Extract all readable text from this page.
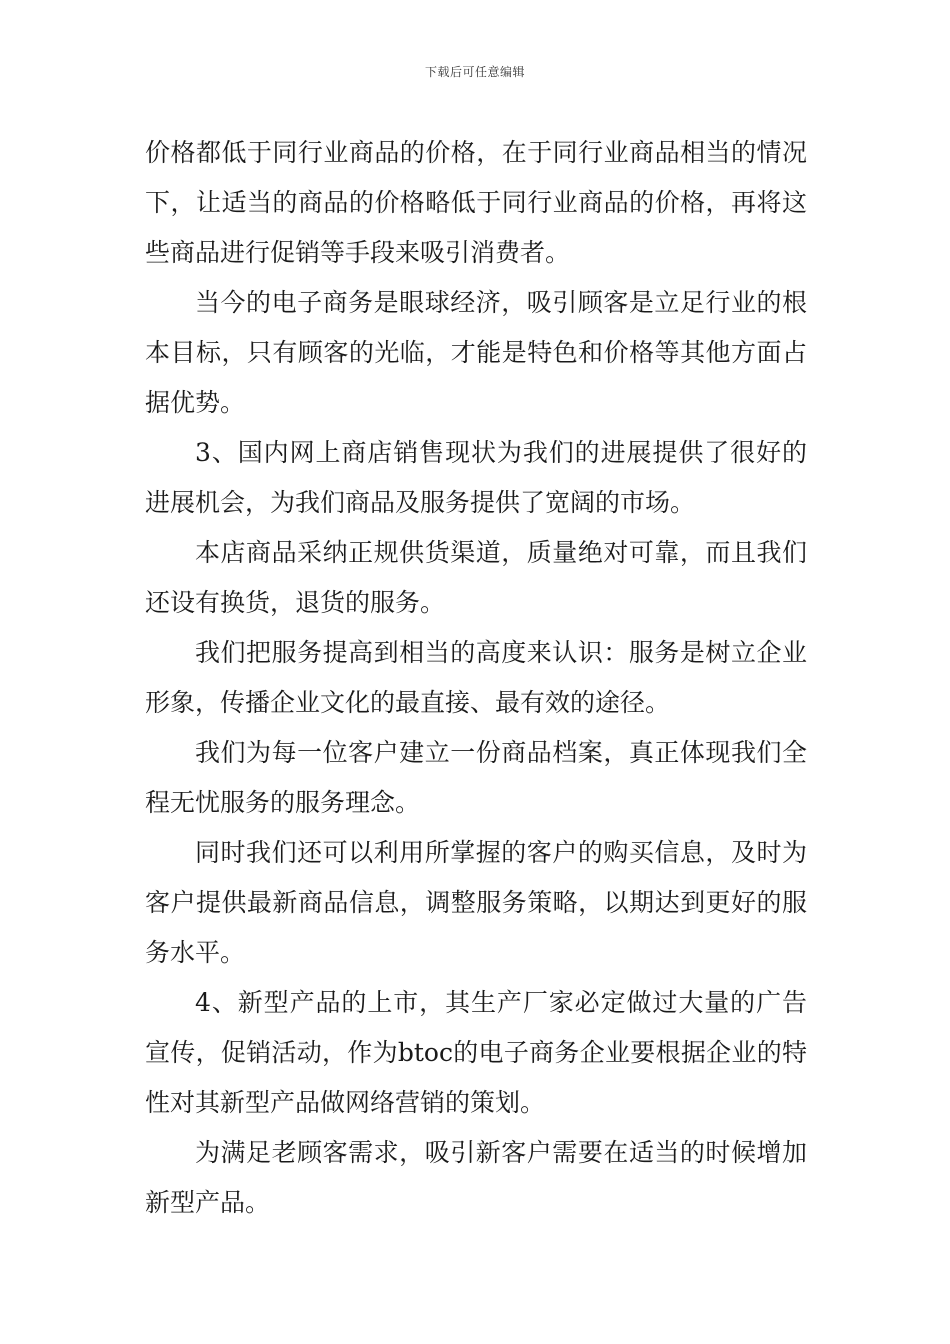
下载后可任意编辑

价格都低于同行业商品的价格，在于同行业商品相当的情况下，让适当的商品的价格略低于同行业商品的价格，再将这些商品进行促销等手段来吸引消费者。

当今的电子商务是眼球经济，吸引顾客是立足行业的根本目标，只有顾客的光临，才能是特色和价格等其他方面占据优势。

3、国内网上商店销售现状为我们的进展提供了很好的进展机会，为我们商品及服务提供了宽阔的市场。

本店商品采纳正规供货渠道，质量绝对可靠，而且我们还设有换货，退货的服务。

我们把服务提高到相当的高度来认识：服务是树立企业形象，传播企业文化的最直接、最有效的途径。

我们为每一位客户建立一份商品档案，真正体现我们全程无忧服务的服务理念。

同时我们还可以利用所掌握的客户的购买信息，及时为客户提供最新商品信息，调整服务策略，以期达到更好的服务水平。

4、新型产品的上市，其生产厂家必定做过大量的广告宣传，促销活动，作为btoc的电子商务企业要根据企业的特性对其新型产品做网络营销的策划。

为满足老顾客需求，吸引新客户需要在适当的时候增加新型产品。
